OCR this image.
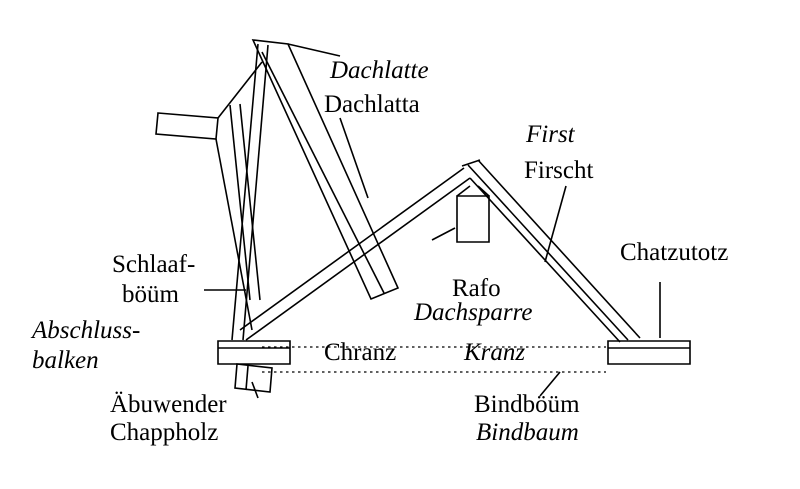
Dachlatte
Dachlatta
First
Firscht
Chatzutotz
Schlaaf-
böüm	Rafo
Dachsparre
Abschluss-
balken	Chranz	Kranz
Äbuwender
Chappholz
Bindböüm
Bindbaum
